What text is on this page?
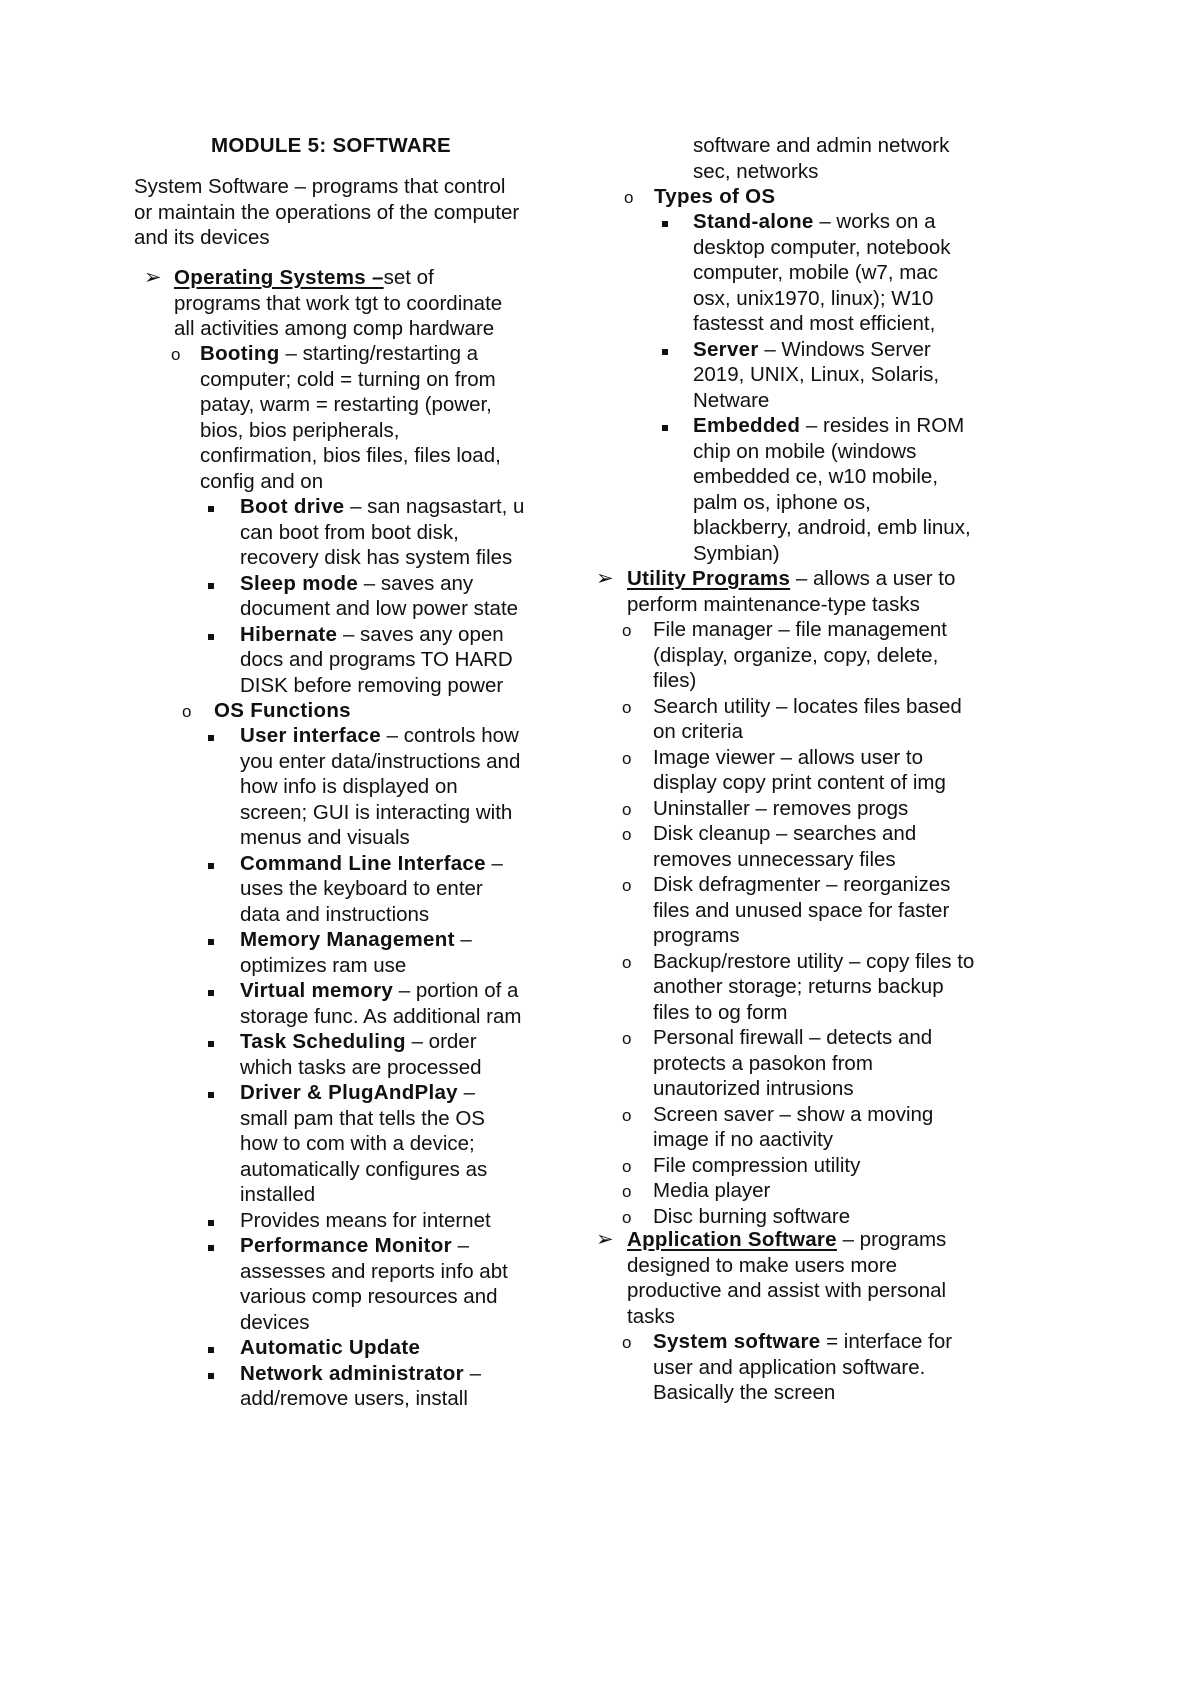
MODULE 5: SOFTWARE
System Software – programs that control
or maintain the operations of the computer
and its devices
➢ Operating Systems –set of
programs that work tgt to coordinate
all activities among comp hardware
o Booting – starting/restarting a
computer; cold = turning on from
patay, warm = restarting (power,
bios, bios peripherals,
confirmation, bios files, files load,
config and on
Boot drive – san nagsastart, u
can boot from boot disk,
recovery disk has system files
Sleep mode – saves any
document and low power state
Hibernate – saves any open
docs and programs TO HARD
DISK before removing power
o OS Functions
User interface – controls how
you enter data/instructions and
how info is displayed on
screen; GUI is interacting with
menus and visuals
Command Line Interface –
uses the keyboard to enter
data and instructions
Memory Management –
optimizes ram use
Virtual memory – portion of a
storage func. As additional ram
Task Scheduling – order
which tasks are processed
Driver & PlugAndPlay –
small pam that tells the OS
how to com with a device;
automatically configures as
installed
Provides means for internet
Performance Monitor –
assesses and reports info abt
various comp resources and
devices
Automatic Update
Network administrator –
add/remove users, install
software and admin network
sec, networks
o Types of OS
Stand-alone – works on a
desktop computer, notebook
computer, mobile (w7, mac
osx, unix1970, linux); W10
fastesst and most efficient,
Server – Windows Server
2019, UNIX, Linux, Solaris,
Netware
Embedded – resides in ROM
chip on mobile (windows
embedded ce, w10 mobile,
palm os, iphone os,
blackberry, android, emb linux,
Symbian)
➢ Utility Programs – allows a user to
perform maintenance-type tasks
o File manager – file management
(display, organize, copy, delete,
files)
o Search utility – locates files based
on criteria
o Image viewer – allows user to
display copy print content of img
o Uninstaller – removes progs
o Disk cleanup – searches and
removes unnecessary files
o Disk defragmenter – reorganizes
files and unused space for faster
programs
o Backup/restore utility – copy files to
another storage; returns backup
files to og form
o Personal firewall – detects and
protects a pasokon from
unautorized intrusions
o Screen saver – show a moving
image if no aactivity
o File compression utility
o Media player
o Disc burning software
➢ Application Software – programs
designed to make users more
productive and assist with personal
tasks
o System software = interface for
user and application software.
Basically the screen
